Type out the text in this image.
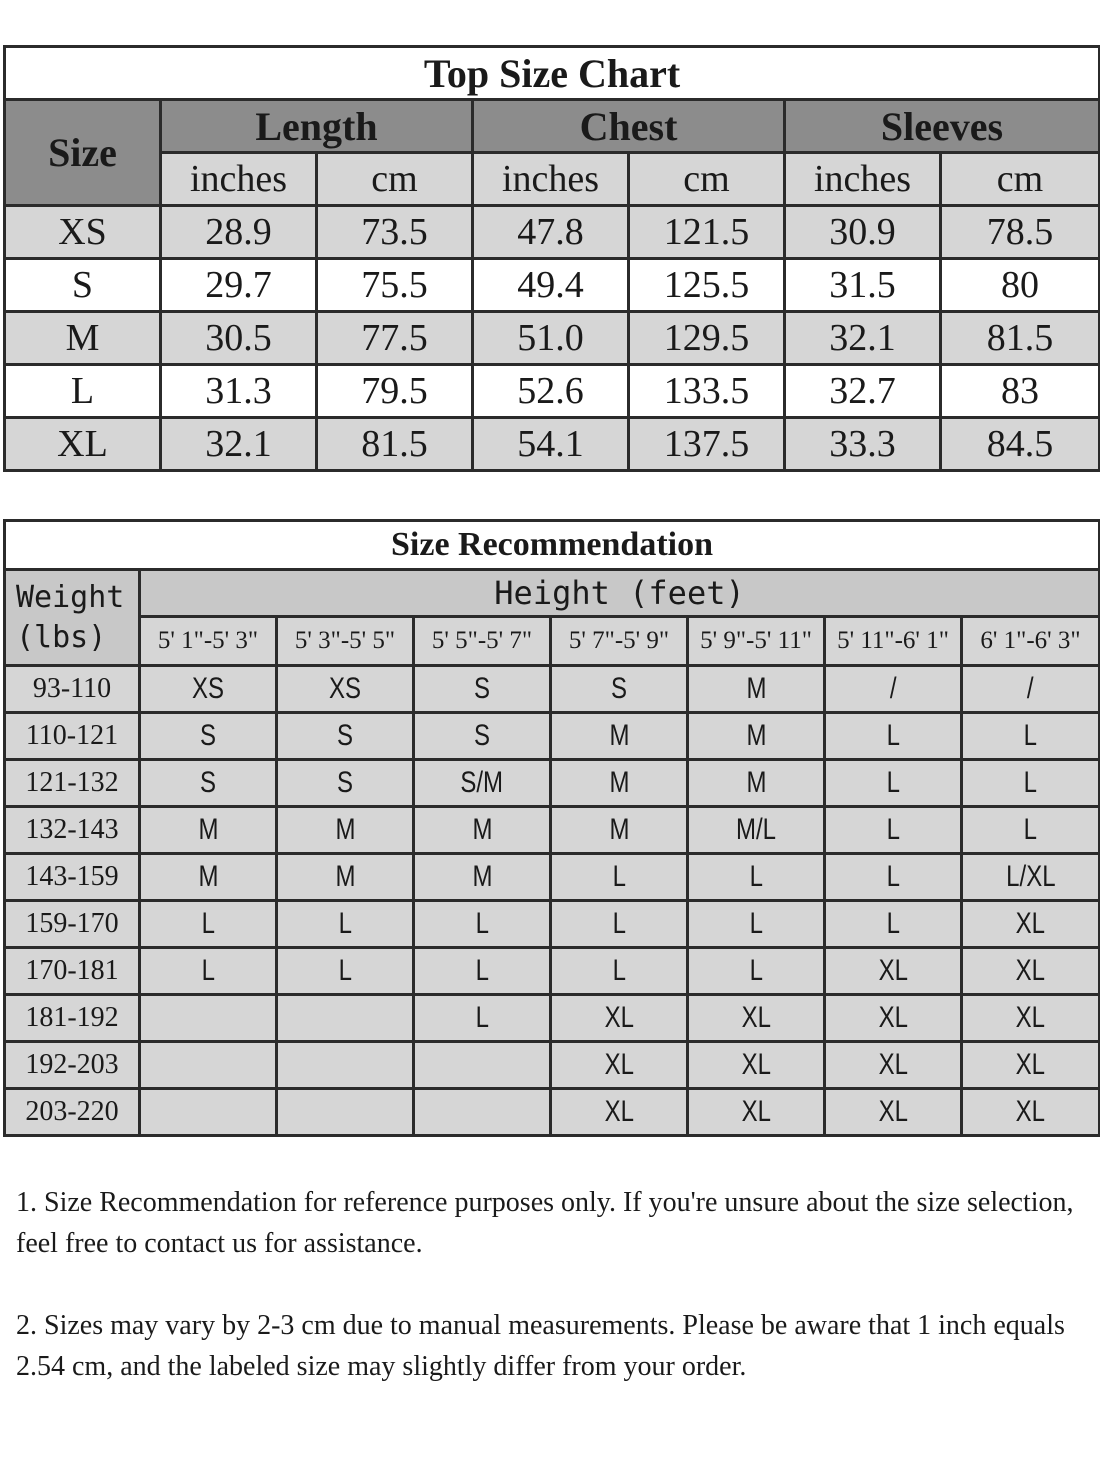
Top Size Chart						
Size	Length		Chest		Sleeves	
	inches	cm	inches	cm	inches	cm
XS	28.9	73.5	47.8	121.5	30.9	78.5
S	29.7	75.5	49.4	125.5	31.5	80
M	30.5	77.5	51.0	129.5	32.1	81.5
L	31.3	79.5	52.6	133.5	32.7	83
XL	32.1	81.5	54.1	137.5	33.3	84.5
Size Recommendation							
Weight (lbs)	Height (feet)						
	5' 1"-5' 3"	5' 3"-5' 5"	5' 5"-5' 7"	5' 7"-5' 9"	5' 9"-5' 11"	5' 11"-6' 1"	6' 1"-6' 3"
93-110	XS	XS	S	S	M	/	/
110-121	S	S	S	M	M	L	L
121-132	S	S	S/M	M	M	L	L
132-143	M	M	M	M	M/L	L	L
143-159	M	M	M	L	L	L	L/XL
159-170	L	L	L	L	L	L	XL
170-181	L	L	L	L	L	XL	XL
181-192			L	XL	XL	XL	XL
192-203				XL	XL	XL	XL
203-220				XL	XL	XL	XL

1. Size Recommendation for reference purposes only. If you're unsure about the size selection, feel free to contact us for assistance.

2. Sizes may vary by 2-3 cm due to manual measurements. Please be aware that 1 inch equals 2.54 cm, and the labeled size may slightly differ from your order.
